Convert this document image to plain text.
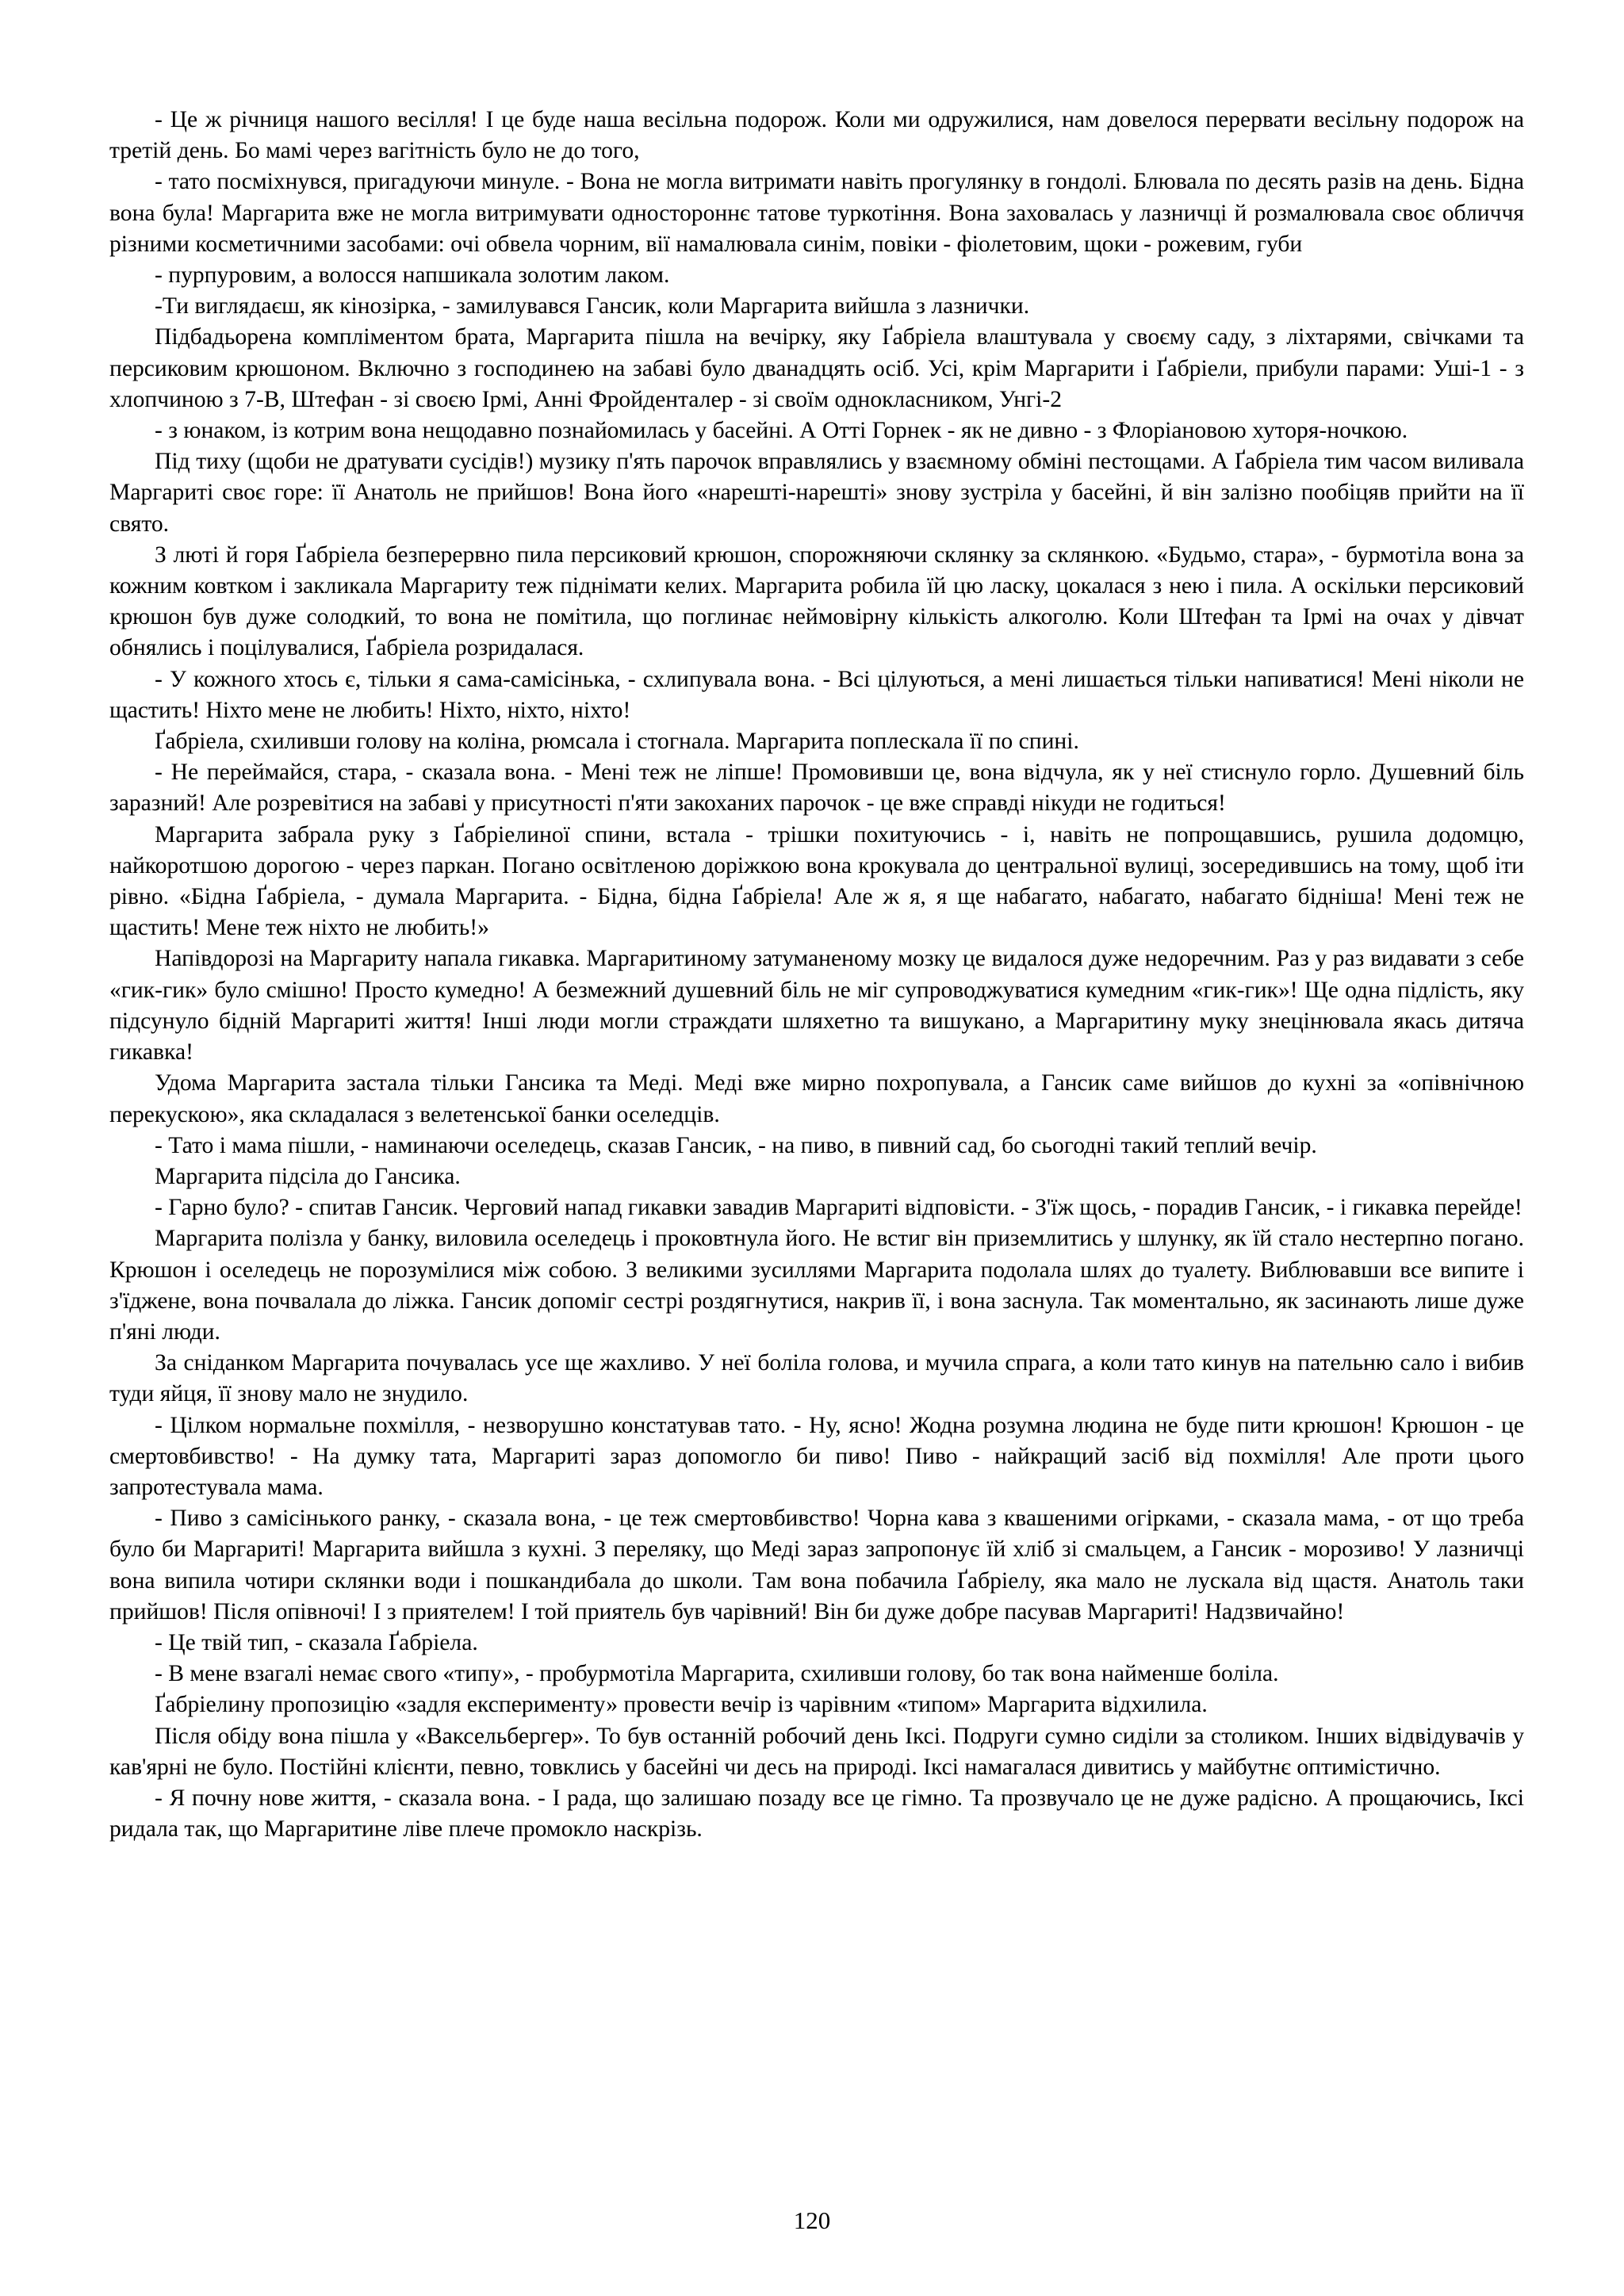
- Це ж річниця нашого весілля! І це буде наша весільна подорож. Коли ми одружилися, нам довелося перервати весільну подорож на третій день. Бо мамі через вагітність було не до того,

- тато посміхнувся, пригадуючи минуле. - Вона не могла витримати навіть прогулянку в гондолі. Блювала по десять разів на день. Бідна вона була! Маргарита вже не могла витримувати одностороннє татове туркотіння. Вона заховалась у лазничці й розмалювала своє обличчя різними косметичними засобами: очі обвела чорним, вії намалювала синім, повіки - фіолетовим, щоки - рожевим, губи

- пурпуровим, а волосся напшикала золотим лаком.

-Ти виглядаєш, як кінозірка, - замилувався Гансик, коли Маргарита вийшла з лазнички.

Підбадьорена компліментом брата, Маргарита пішла на вечірку, яку Ґабріела влаштувала у своєму саду, з ліхтарями, свічками та персиковим крюшоном. Включно з господинею на забаві було дванадцять осіб. Усі, крім Маргарити і Ґабріели, прибули парами: Уші-1 - з хлопчиною з 7-В, Штефан - зі своєю Ірмі, Анні Фройденталер - зі своїм однокласником, Унгі-2

- з юнаком, із котрим вона нещодавно познайомилась у басейні. А Отті Горнек - як не дивно - з Флоріановою хуторя-ночкою.

Під тиху (щоби не дратувати сусідів!) музику п'ять парочок вправлялись у взаємному обміні пестощами. А Ґабріела тим часом виливала Маргариті своє горе: її Анатоль не прийшов! Вона його «нарешті-нарешті» знову зустріла у басейні, й він залізно пообіцяв прийти на її свято.

З люті й горя Ґабріела безперервно пила персиковий крюшон, спорожняючи склянку за склянкою. «Будьмо, стара», - бурмотіла вона за кожним ковтком і закликала Маргариту теж піднімати келих. Маргарита робила їй цю ласку, цокалася з нею і пила. А оскільки персиковий крюшон був дуже солодкий, то вона не помітила, що поглинає неймовірну кількість алкоголю. Коли Штефан та Ірмі на очах у дівчат обнялись і поцілувалися, Ґабріела розридалася.

- У кожного хтось є, тільки я сама-самісінька, - схлипувала вона. - Всі цілуються, а мені лишається тільки напиватися! Мені ніколи не щастить! Ніхто мене не любить! Ніхто, ніхто, ніхто!

Ґабріела, схиливши голову на коліна, рюмсала і стогнала. Маргарита поплескала її по спині.

- Не переймайся, стара, - сказала вона. - Мені теж не ліпше! Промовивши це, вона відчула, як у неї стиснуло горло. Душевний біль заразний! Але розревітися на забаві у присутності п'яти закоханих парочок - це вже справді нікуди не годиться!

Маргарита забрала руку з Ґабріелиної спини, встала - трішки похитуючись - і, навіть не попрощавшись, рушила додомцю, найкоротшою дорогою - через паркан. Погано освітленою доріжкою вона крокувала до центральної вулиці, зосередившись на тому, щоб іти рівно. «Бідна Ґабріела, - думала Маргарита. - Бідна, бідна Ґабріела! Але ж я, я ще набагато, набагато, набагато бідніша! Мені теж не щастить! Мене теж ніхто не любить!»

Напівдорозі на Маргариту напала гикавка. Маргаритиному затуманеному мозку це видалося дуже недоречним. Раз у раз видавати з себе «гик-гик» було смішно! Просто кумедно! А безмежний душевний біль не міг супроводжуватися кумедним «гик-гик»! Ще одна підлість, яку підсунуло бідній Маргариті життя! Інші люди могли страждати шляхетно та вишукано, а Маргаритину муку знецінювала якась дитяча гикавка!

Удома Маргарита застала тільки Гансика та Меді. Меді вже мирно похропувала, а Гансик саме вийшов до кухні за «опівнічною перекускою», яка складалася з велетенської банки оселедців.

- Тато і мама пішли, - наминаючи оселедець, сказав Гансик, - на пиво, в пивний сад, бо сьогодні такий теплий вечір.

Маргарита підсіла до Гансика.

- Гарно було? - спитав Гансик. Черговий напад гикавки завадив Маргариті відповісти. - З'їж щось, - порадив Гансик, - і гикавка перейде!

Маргарита полізла у банку, виловила оселедець і проковтнула його. Не встиг він приземлитись у шлунку, як їй стало нестерпно погано. Крюшон і оселедець не порозумілися між собою. З великими зусиллями Маргарита подолала шлях до туалету. Виблювавши все випите і з'їджене, вона почвалала до ліжка. Гансик допоміг сестрі роздягнутися, накрив її, і вона заснула. Так моментально, як засинають лише дуже п'яні люди.

За сніданком Маргарита почувалась усе ще жахливо. У неї боліла голова, и мучила спрага, а коли тато кинув на пательню сало і вибив туди яйця, її знову мало не знудило.

- Цілком нормальне похмілля, - незворушно констатував тато. - Ну, ясно! Жодна розумна людина не буде пити крюшон! Крюшон - це смертовбивство! - На думку тата, Маргариті зараз допомогло би пиво! Пиво - найкращий засіб від похмілля! Але проти цього запротестувала мама.

- Пиво з самісінького ранку, - сказала вона, - це теж смертовбивство! Чорна кава з квашеними огірками, - сказала мама, - от що треба було би Маргариті! Маргарита вийшла з кухні. З переляку, що Меді зараз запропонує їй хліб зі смальцем, а Гансик - морозиво! У лазничці вона випила чотири склянки води і пошкандибала до школи. Там вона побачила Ґабріелу, яка мало не лускала від щастя. Анатоль таки прийшов! Після опівночі! І з приятелем! І той приятель був чарівний! Він би дуже добре пасував Маргариті! Надзвичайно!

- Це твій тип, - сказала Ґабріела.

- В мене взагалі немає свого «типу», - пробурмотіла Маргарита, схиливши голову, бо так вона найменше боліла.

Ґабріелину пропозицію «задля експерименту» провести вечір із чарівним «типом» Маргарита відхилила.

Після обіду вона пішла у «Ваксельбергер». То був останній робочий день Іксі. Подруги сумно сиділи за столиком. Інших відвідувачів у кав'ярні не було. Постійні клієнти, певно, товклись у басейні чи десь на природі. Іксі намагалася дивитись у майбутнє оптимістично.

- Я почну нове життя, - сказала вона. - І рада, що залишаю позаду все це гімно. Та прозвучало це не дуже радісно. А прощаючись, Іксі ридала так, що Маргаритине ліве плече промокло наскрізь.

120
